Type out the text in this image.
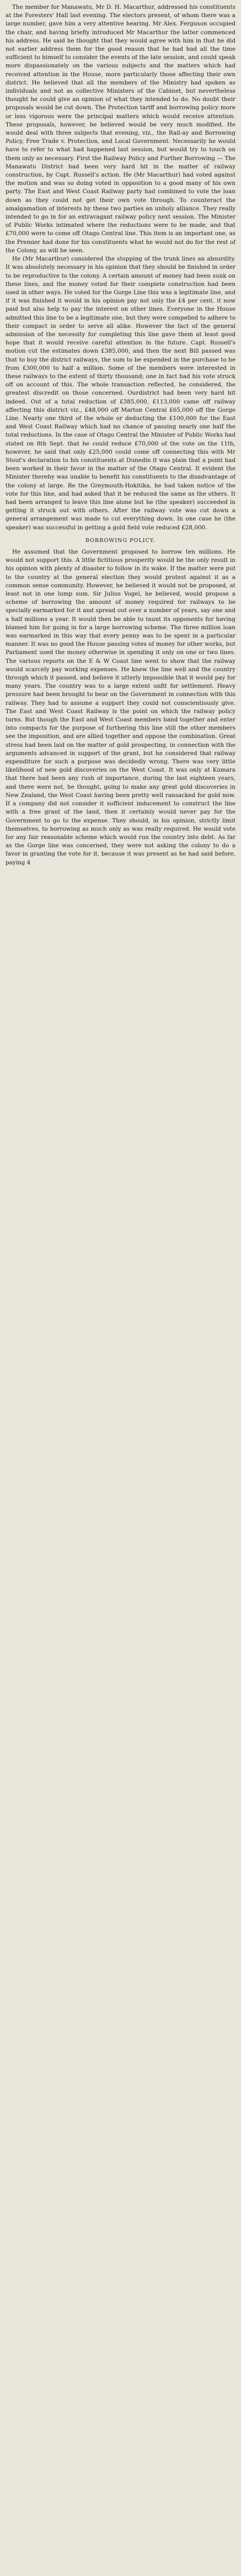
The member for Manawatu, Mr D. H. Macarthur, addressed his constituents at the Foresters' Hall last evening. The electors present, of whom there was a large number, gave him a very attentive hearing. Mr Alex. Ferguson occupied the chair, and having briefly introduced Mr Macarthur the latter commenced his address. He said he thought that they would agree with him in that he did not earlier address them for the good reason that he had had all the time sufficient to himself to consider the events of the late session, and could speak more dispassionately on the various subjects and the matters which had received attention in the House, more particularly those affecting their own district. He believed that all the members of the Ministry had spoken as individuals and not as collective Ministers of the Cabinet, but nevertheless thought he could give an opinion of what they intended to do. No doubt their proposals would be cut down. The Protection tariff and borrowing policy more or less vigorous were the principal matters which would receive attention. These proposals, however, he believed would be very much modified. He would deal with three subjects that evening, viz., the Rail-ay and Borrowing Policy, Free Trade v. Protection, and Local Government. Necessarily he would have to refer to what had happened last session, but would try to touch on them only as necessary. First the Railway Policy and Further Borrowing — The Manawatu District had been very hard hit in the matter of railway construction, by Capt. Russell's action. He (Mr Macarthur) had voted against the motion and was so doing voted in opposition to a good many of his own party. The East and West Coast Railway party had combined to vote the loan down as they could not get their own vote through. To counteract the amalgamation of interests by these two parties an unholy alliance. They really intended to go in for an extravagant railway policy next session. The Minister of Public Works intimated where the reductions were to be made, and that £70,000 were to come off Otago Central line. This item is an important one, as the Premier had done for his constituents what he would not do for the rest of the Colony, as will be seen.

He (Mr Macarthur) considered the stopping of the trunk lines an absurdity. It was absolutely necessary in his opinion that they should be finished in order to be reproductive to the colony. A certain amount of money had been sunk on these lines, and the money voted for their complete construction had been used in other ways. He voted for the Gorge Line this was a legitimate line, and if it was finished it would in his opinion pay not only the £4 per cent. it now paid but also help to pay the interest on other lines. Everyone in the House admitted this line to be a legitimate one, but they were compelled to adhere to their compact in order to serve all alike. However the fact of the general admission of the necessity for completing this line gave them at least good hope that it would receive careful attention in the future. Capt. Russell's motion cut the estimates down £385,000, and then the next Bill passed was that to buy the district railways, the sum to be expended in the purchase to be from £300,000 to half a million. Some of the members were interested in these railways to the extent of thirty thousand; one in fact had his vote struck off on account of this. The whole transaction reflected, he considered, the greatest discredit on those concerned. Ourdistrict had been very hard hit indeed. Out of a total reduction of £385,000, £113,000 came off railway affecting this district viz., £48,000 off Marton Central £65,000 off the Gorge Line. Nearly one third of the whole or deducting the £100,000 for the East and West Coast Railway which had no chance of passing nearly one half the total reductions. In the case of Otago Central the Minister of Public Works had stated on 8th Sept. that he could reduce £70,000 of the vote on the 11th, however, he said that only £25,000 could come off connecting this with Mr Stout's declaration to his constituents at Dunedin it was plain that a point had been worked in their favor in the matter of the Otago Central. It evident the Minister thereby was unable to benefit his constituents to the disadvantage of the colony at large. Re the Greymouth-Hokitika, he had taken notice of the vote for this line, and had asked that it be reduced the same as the others. It had been arranged to leave this line alone but he (the speaker) succeeded in getting it struck out with others. After the railway vote was cut down a general arrangement was made to cut everything down. In one case he (the speaker) was successful in getting a gold field vote reduced £28,000.

BORROWING POLICY.

He assumed that the Government proposed to borrow ten millions. He would not support this. A little fictitious prosperity would be the only result in his opinion with plenty of disaster to follow in its wake. If the matter were put to the country at the general election they would protest against it as a common sense community. However, he believed it would not be proposed, at least not in one lump sum. Sir Julius Vogel, he believed, would propose a scheme of borrowing the amount of money required for railways to be specially earmarked for it and spread out over a number of years, say one and a half millions a year. It would then be able to taunt its opponents for having blamed him for going in for a large borrowing scheme. The three million loan was earmarked in this way that every penny was to be spent in a particular manner. It was no good the House passing votes of money for other works, but Parliament used the money otherwise in spending it only on one or two lines. The various reports on the E & W Coast line went to show that the railway would scarcely pay working expenses. He knew the line well and the country through which it passed, and believe it utterly impossible that it would pay for many years. The country was to a large extent unfit for settlement. Heavy pressure had been brought to bear on the Government in connection with this railway. They had to assume a support they could not conscientiously give. The East and West Coast Railway is the point on which the railway policy turns. But though the East and West Coast members band together and enter into compacts for the purpose of furthering this line still the other members see the imposition, and are allied together and oppose the combination. Great stress had been laid on the matter of gold prospecting, in connection with the arguments advanced in support of the grant, but he considered that railway expenditure for such a purpose was decidedly wrong. There was very little likelihood of new gold discoveries on the West Coast. It was only at Kumara that there had been any rush of importance, during the last eighteen years, and there were not, he thought, going to make any great gold discoveries in New Zealand, the West Coast having been pretty well ransacked for gold now. If a company did not consider it sufficient inducement to construct the line with a free grant of the land, then it certainly would never pay for the Government to go to the expense. They should, in his opinion, strictly limit themselves, to borrowing as much only as was really required. He would vote for any fair reasonable scheme which would run the country into debt. As far as the Gorge line was concerned, they were not asking the colony to do a favor in granting the vote for it, because it was present as he had said before, paying 4
